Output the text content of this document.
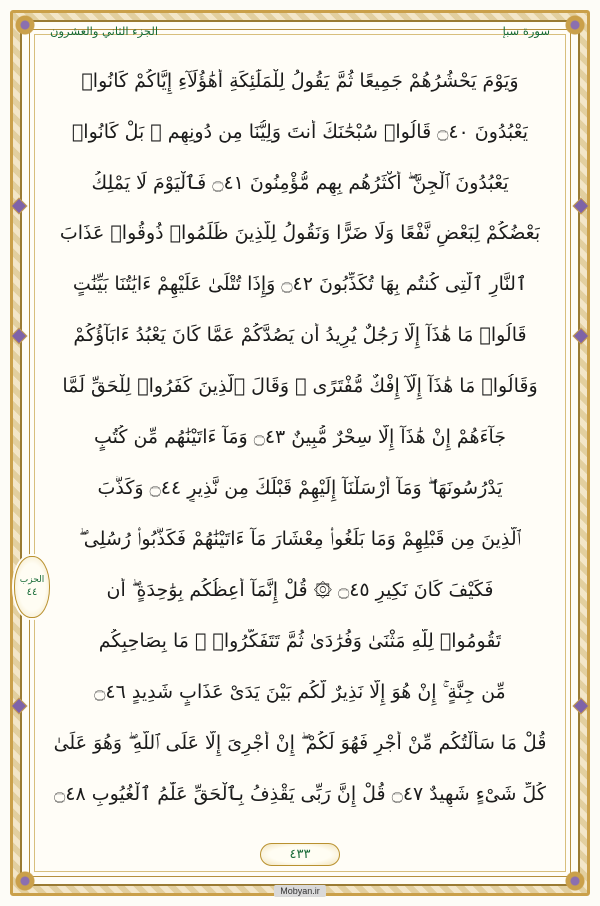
سورة سبإ
الجزء الثاني والعشرون
الحزب
٤٤
وَيَوْمَ يَحْشُرُهُمْ جَمِيعًا ثُمَّ يَقُولُ لِلْمَلَٰئِكَةِ أَهَٰؤُلَآءِ إِيَّاكُمْ كَانُوا۟
يَعْبُدُونَ ۝٤٠ قَالُوا۟ سُبْحَٰنَكَ أَنتَ وَلِيُّنَا مِن دُونِهِم ۖ بَلْ كَانُوا۟
يَعْبُدُونَ ٱلْجِنَّ ۖ أَكْثَرُهُم بِهِم مُّؤْمِنُونَ ۝٤١ فَٱلْيَوْمَ لَا يَمْلِكُ
بَعْضُكُمْ لِبَعْضٍ نَّفْعًا وَلَا ضَرًّا وَنَقُولُ لِلَّذِينَ ظَلَمُوا۟ ذُوقُوا۟ عَذَابَ
ٱلنَّارِ ٱلَّتِى كُنتُم بِهَا تُكَذِّبُونَ ۝٤٢ وَإِذَا تُتْلَىٰ عَلَيْهِمْ ءَايَٰتُنَا بَيِّنَٰتٍ
قَالُوا۟ مَا هَٰذَآ إِلَّا رَجُلٌ يُرِيدُ أَن يَصُدَّكُمْ عَمَّا كَانَ يَعْبُدُ ءَابَآؤُكُمْ
وَقَالُوا۟ مَا هَٰذَآ إِلَّآ إِفْكٌ مُّفْتَرًى ۚ وَقَالَ ٱلَّذِينَ كَفَرُوا۟ لِلْحَقِّ لَمَّا
جَآءَهُمْ إِنْ هَٰذَآ إِلَّا سِحْرٌ مُّبِينٌ ۝٤٣ وَمَآ ءَاتَيْنَٰهُم مِّن كُتُبٍ
يَدْرُسُونَهَا ۖ وَمَآ أَرْسَلْنَآ إِلَيْهِمْ قَبْلَكَ مِن نَّذِيرٍ ۝٤٤ وَكَذَّبَ
ٱلَّذِينَ مِن قَبْلِهِمْ وَمَا بَلَغُوا۟ مِعْشَارَ مَآ ءَاتَيْنَٰهُمْ فَكَذَّبُوا۟ رُسُلِى ۖ
فَكَيْفَ كَانَ نَكِيرِ ۝٤٥ ۞ قُلْ إِنَّمَآ أَعِظُكُم بِوَٰحِدَةٍ ۖ أَن
تَقُومُوا۟ لِلَّهِ مَثْنَىٰ وَفُرَٰدَىٰ ثُمَّ تَتَفَكَّرُوا۟ ۚ مَا بِصَاحِبِكُم
مِّن جِنَّةٍ ۚ إِنْ هُوَ إِلَّا نَذِيرٌ لَّكُم بَيْنَ يَدَىْ عَذَابٍ شَدِيدٍ ۝٤٦
قُلْ مَا سَأَلْتُكُم مِّنْ أَجْرٍ فَهُوَ لَكُمْ ۖ إِنْ أَجْرِىَ إِلَّا عَلَى ٱللَّهِ ۖ وَهُوَ عَلَىٰ
كُلِّ شَىْءٍ شَهِيدٌ ۝٤٧ قُلْ إِنَّ رَبِّى يَقْذِفُ بِٱلْحَقِّ عَلَّٰمُ ٱلْغُيُوبِ ۝٤٨
٤٣٣
Mobyan.ir
